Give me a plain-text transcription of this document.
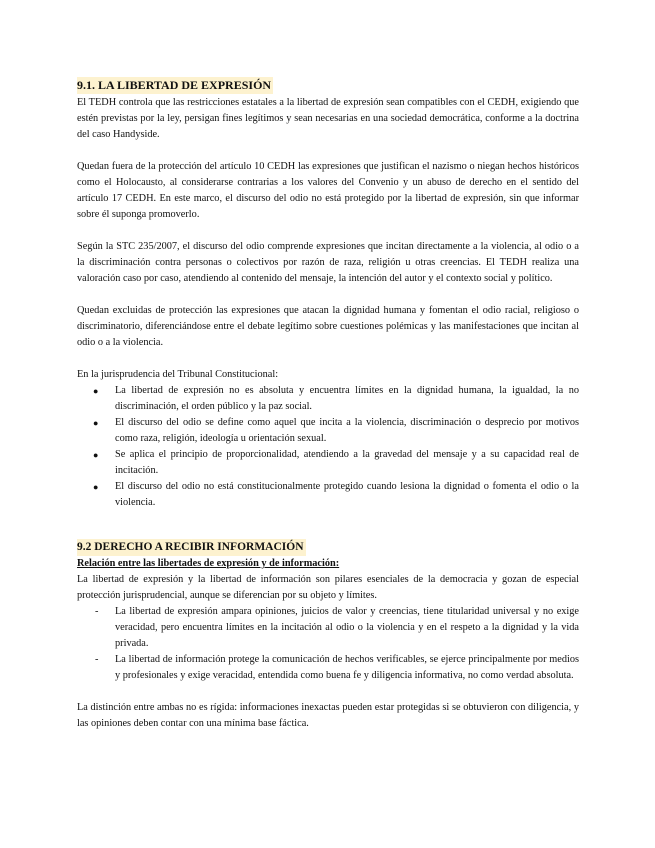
9.1. LA LIBERTAD DE EXPRESIÓN

El TEDH controla que las restricciones estatales a la libertad de expresión sean compatibles con el CEDH, exigiendo que estén previstas por la ley, persigan fines legítimos y sean necesarias en una sociedad democrática, conforme a la doctrina del caso Handyside.

Quedan fuera de la protección del artículo 10 CEDH las expresiones que justifican el nazismo o niegan hechos históricos como el Holocausto, al considerarse contrarias a los valores del Convenio y un abuso de derecho en el sentido del artículo 17 CEDH. En este marco, el discurso del odio no está protegido por la libertad de expresión, sin que informar sobre él suponga promoverlo.

Según la STC 235/2007, el discurso del odio comprende expresiones que incitan directamente a la violencia, al odio o a la discriminación contra personas o colectivos por razón de raza, religión u otras creencias. El TEDH realiza una valoración caso por caso, atendiendo al contenido del mensaje, la intención del autor y el contexto social y político.

Quedan excluidas de protección las expresiones que atacan la dignidad humana y fomentan el odio racial, religioso o discriminatorio, diferenciándose entre el debate legítimo sobre cuestiones polémicas y las manifestaciones que incitan al odio o a la violencia.

En la jurisprudencia del Tribunal Constitucional:

● La libertad de expresión no es absoluta y encuentra límites en la dignidad humana, la igualdad, la no discriminación, el orden público y la paz social.
● El discurso del odio se define como aquel que incita a la violencia, discriminación o desprecio por motivos como raza, religión, ideología u orientación sexual.
● Se aplica el principio de proporcionalidad, atendiendo a la gravedad del mensaje y a su capacidad real de incitación.
● El discurso del odio no está constitucionalmente protegido cuando lesiona la dignidad o fomenta el odio o la violencia.
9.2 DERECHO A RECIBIR INFORMACIÓN

Relación entre las libertades de expresión y de información:

La libertad de expresión y la libertad de información son pilares esenciales de la democracia y gozan de especial protección jurisprudencial, aunque se diferencian por su objeto y límites.

- La libertad de expresión ampara opiniones, juicios de valor y creencias, tiene titularidad universal y no exige veracidad, pero encuentra límites en la incitación al odio o la violencia y en el respeto a la dignidad y la vida privada.
- La libertad de información protege la comunicación de hechos verificables, se ejerce principalmente por medios y profesionales y exige veracidad, entendida como buena fe y diligencia informativa, no como verdad absoluta.

La distinción entre ambas no es rígida: informaciones inexactas pueden estar protegidas si se obtuvieron con diligencia, y las opiniones deben contar con una mínima base fáctica.
